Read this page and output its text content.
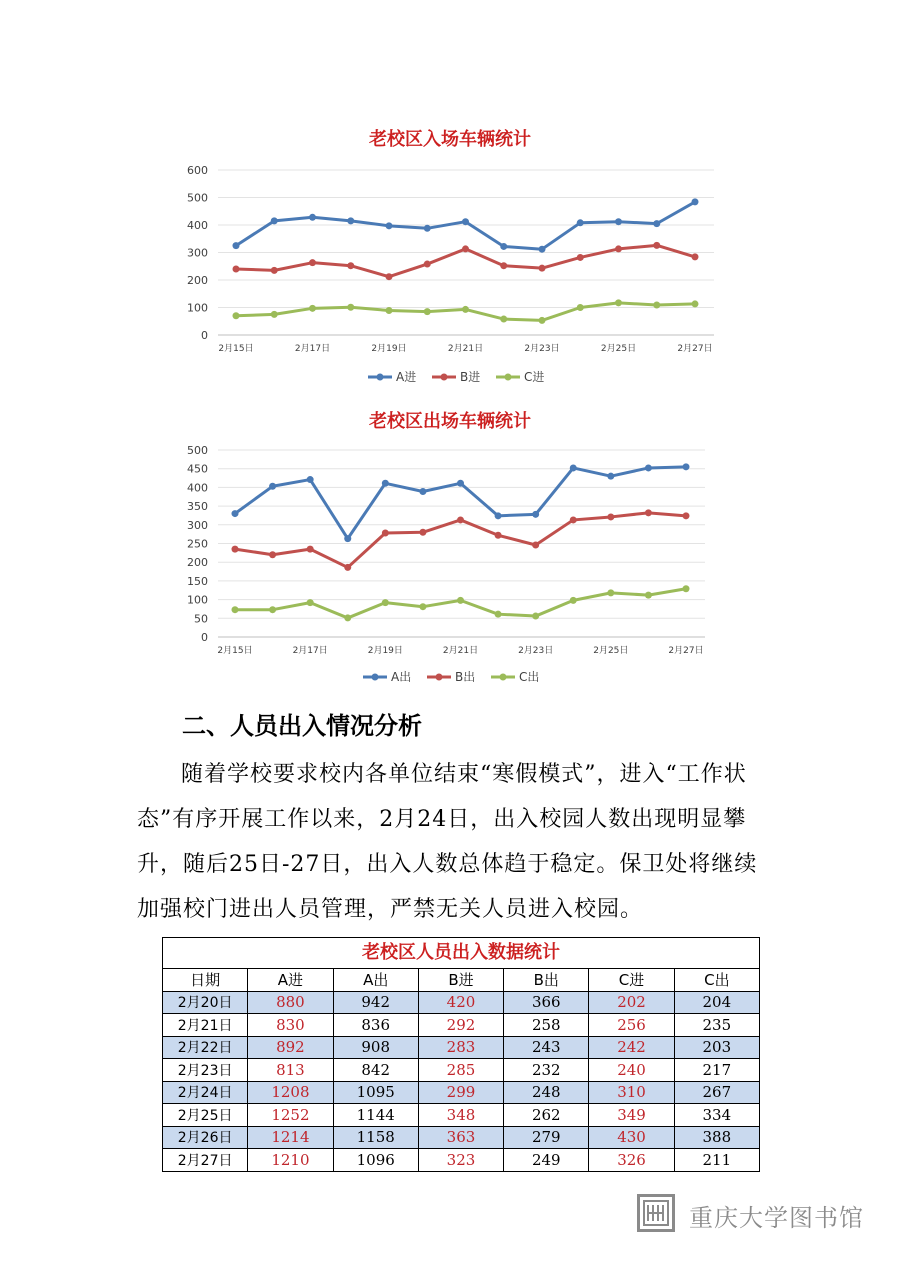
老校区入场车辆统计
0
100
200
300
400
500
600
2月15日	2月17日	2月19日	2月21日	2月23日	2月25日	2月27日
A进	B进	C进
老校区出场车辆统计
0
50
100
150
200
250
300
350
400
450
500
2月15日	2月17日	2月19日	2月21日	2月23日	2月25日	2月27日
A出	B出	C出
二、人员出入情况分析
随着学校要求校内各单位结束“寒假模式”，进入“工作状态”有序开展工作以来，2月24日，出入校园人数出现明显攀升，随后25日-27日，出入人数总体趋于稳定。保卫处将继续加强校门进出人员管理，严禁无关人员进入校园。
老校区人员出入数据统计
日期	A进	A出	B进	B出	C进	C出
2月20日	880	942	420	366	202	204
2月21日	830	836	292	258	256	235
2月22日	892	908	283	243	242	203
2月23日	813	842	285	232	240	217
2月24日	1208	1095	299	248	310	267
2月25日	1252	1144	348	262	349	334
2月26日	1214	1158	363	279	430	388
2月27日	1210	1096	323	249	326	211
重庆大学图书馆
